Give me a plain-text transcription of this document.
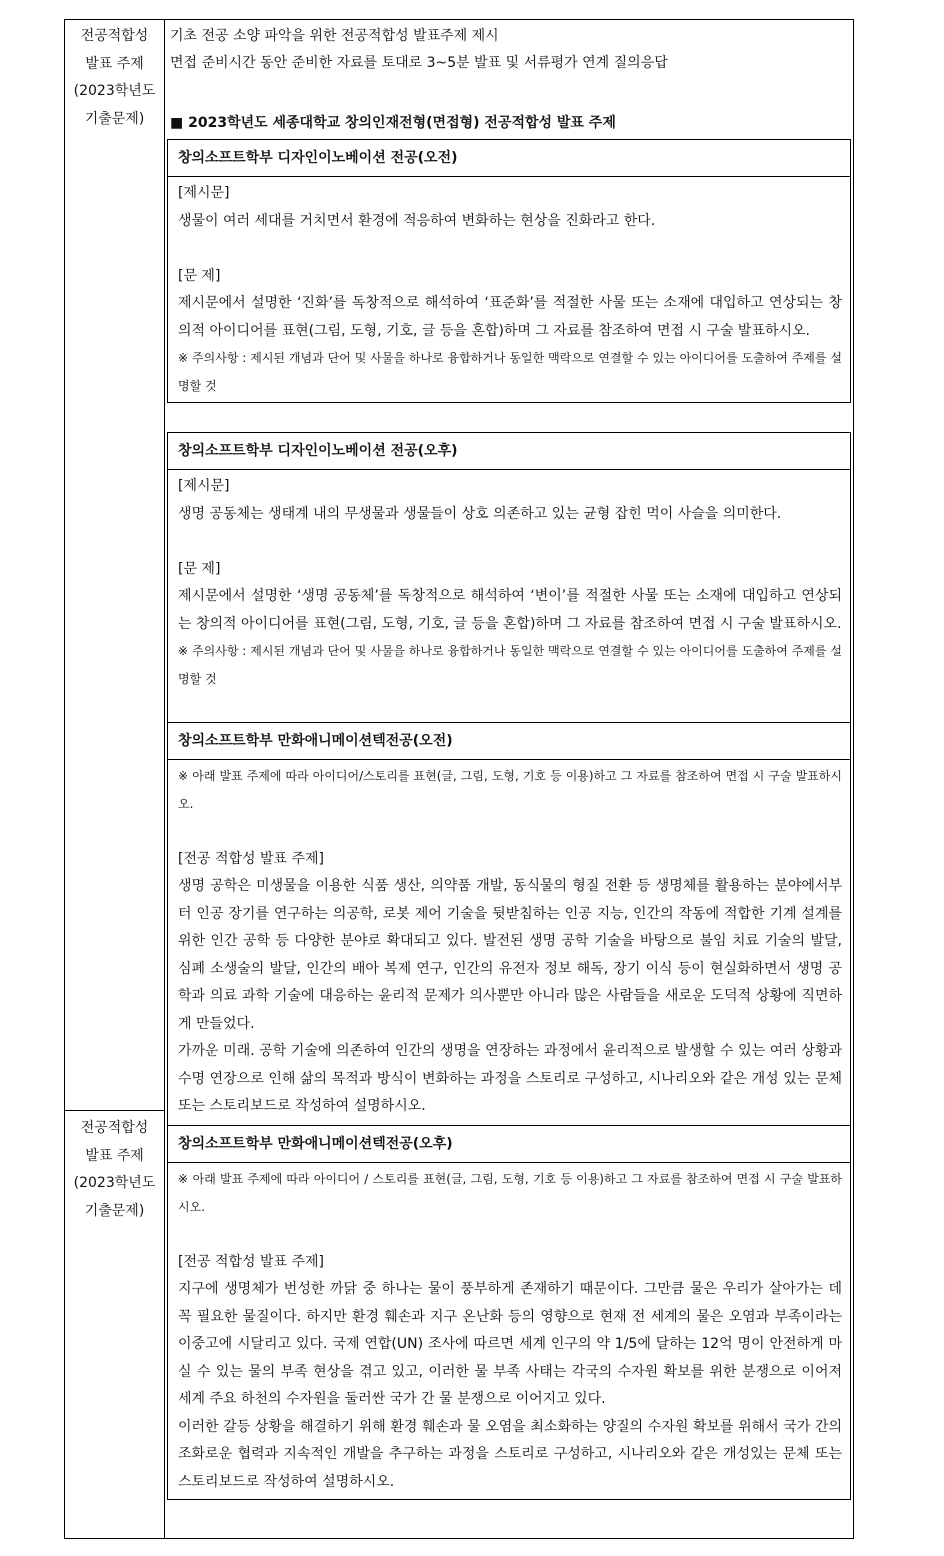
전공적합성
발표 주제
(2023학년도
기출문제)
전공적합성
발표 주제
(2023학년도
기출문제)
기초 전공 소양 파악을 위한 전공적합성 발표주제 제시
면접 준비시간 동안 준비한 자료를 토대로 3~5분 발표 및 서류평가 연계 질의응답
■ 2023학년도 세종대학교 창의인재전형(면접형) 전공적합성 발표 주제
창의소프트학부 디자인이노베이션 전공(오전)
[제시문]
생물이 여러 세대를 거치면서 환경에 적응하여 변화하는 현상을 진화라고 한다.
[문 제]
제시문에서 설명한 ‘진화’를 독창적으로 해석하여 ‘표준화’를 적절한 사물 또는 소재에 대입하고 연상되는 창의적 아이디어를 표현(그림, 도형, 기호, 글 등을 혼합)하며 그 자료를 참조하여 면접 시 구술 발표하시오.
※ 주의사항 : 제시된 개념과 단어 및 사물을 하나로 융합하거나 동일한 맥락으로 연결할 수 있는 아이디어를 도출하여 주제를 설명할 것
창의소프트학부 디자인이노베이션 전공(오후)
[제시문]
생명 공동체는 생태계 내의 무생물과 생물들이 상호 의존하고 있는 균형 잡힌 먹이 사슬을 의미한다.
[문 제]
제시문에서 설명한 ‘생명 공동체’를 독창적으로 해석하여 ‘변이’를 적절한 사물 또는 소재에 대입하고 연상되는 창의적 아이디어를 표현(그림, 도형, 기호, 글 등을 혼합)하며 그 자료를 참조하여 면접 시 구술 발표하시오.
※ 주의사항 : 제시된 개념과 단어 및 사물을 하나로 융합하거나 동일한 맥락으로 연결할 수 있는 아이디어를 도출하여 주제를 설명할 것
창의소프트학부 만화애니메이션텍전공(오전)
※ 아래 발표 주제에 따라 아이디어/스토리를 표현(글, 그림, 도형, 기호 등 이용)하고 그 자료를 참조하여 면접 시 구술 발표하시오.
[전공 적합성 발표 주제]
생명 공학은 미생물을 이용한 식품 생산, 의약품 개발, 동식물의 형질 전환 등 생명체를 활용하는 분야에서부터 인공 장기를 연구하는 의공학, 로봇 제어 기술을 뒷받침하는 인공 지능, 인간의 작동에 적합한 기계 설계를 위한 인간 공학 등 다양한 분야로 확대되고 있다. 발전된 생명 공학 기술을 바탕으로 불임 치료 기술의 발달, 심폐 소생술의 발달, 인간의 배아 복제 연구, 인간의 유전자 정보 해독, 장기 이식 등이 현실화하면서 생명 공학과 의료 과학 기술에 대응하는 윤리적 문제가 의사뿐만 아니라 많은 사람들을 새로운 도덕적 상황에 직면하게 만들었다.
가까운 미래. 공학 기술에 의존하여 인간의 생명을 연장하는 과정에서 윤리적으로 발생할 수 있는 여러 상황과 수명 연장으로 인해 삶의 목적과 방식이 변화하는 과정을 스토리로 구성하고, 시나리오와 같은 개성 있는 문체 또는 스토리보드로 작성하여 설명하시오.
창의소프트학부 만화애니메이션텍전공(오후)
※ 아래 발표 주제에 따라 아이디어 / 스토리를 표현(글, 그림, 도형, 기호 등 이용)하고 그 자료를 참조하여 면접 시 구술 발표하시오.
[전공 적합성 발표 주제]
지구에 생명체가 번성한 까닭 중 하나는 물이 풍부하게 존재하기 때문이다. 그만큼 물은 우리가 살아가는 데 꼭 필요한 물질이다. 하지만 환경 훼손과 지구 온난화 등의 영향으로 현재 전 세계의 물은 오염과 부족이라는 이중고에 시달리고 있다. 국제 연합(UN) 조사에 따르면 세계 인구의 약 1/5에 달하는 12억 명이 안전하게 마실 수 있는 물의 부족 현상을 겪고 있고, 이러한 물 부족 사태는 각국의 수자원 확보를 위한 분쟁으로 이어져 세계 주요 하천의 수자원을 둘러싼 국가 간 물 분쟁으로 이어지고 있다.
이러한 갈등 상황을 해결하기 위해 환경 훼손과 물 오염을 최소화하는 양질의 수자원 확보를 위해서 국가 간의 조화로운 협력과 지속적인 개발을 추구하는 과정을 스토리로 구성하고, 시나리오와 같은 개성있는 문체 또는 스토리보드로 작성하여 설명하시오.
